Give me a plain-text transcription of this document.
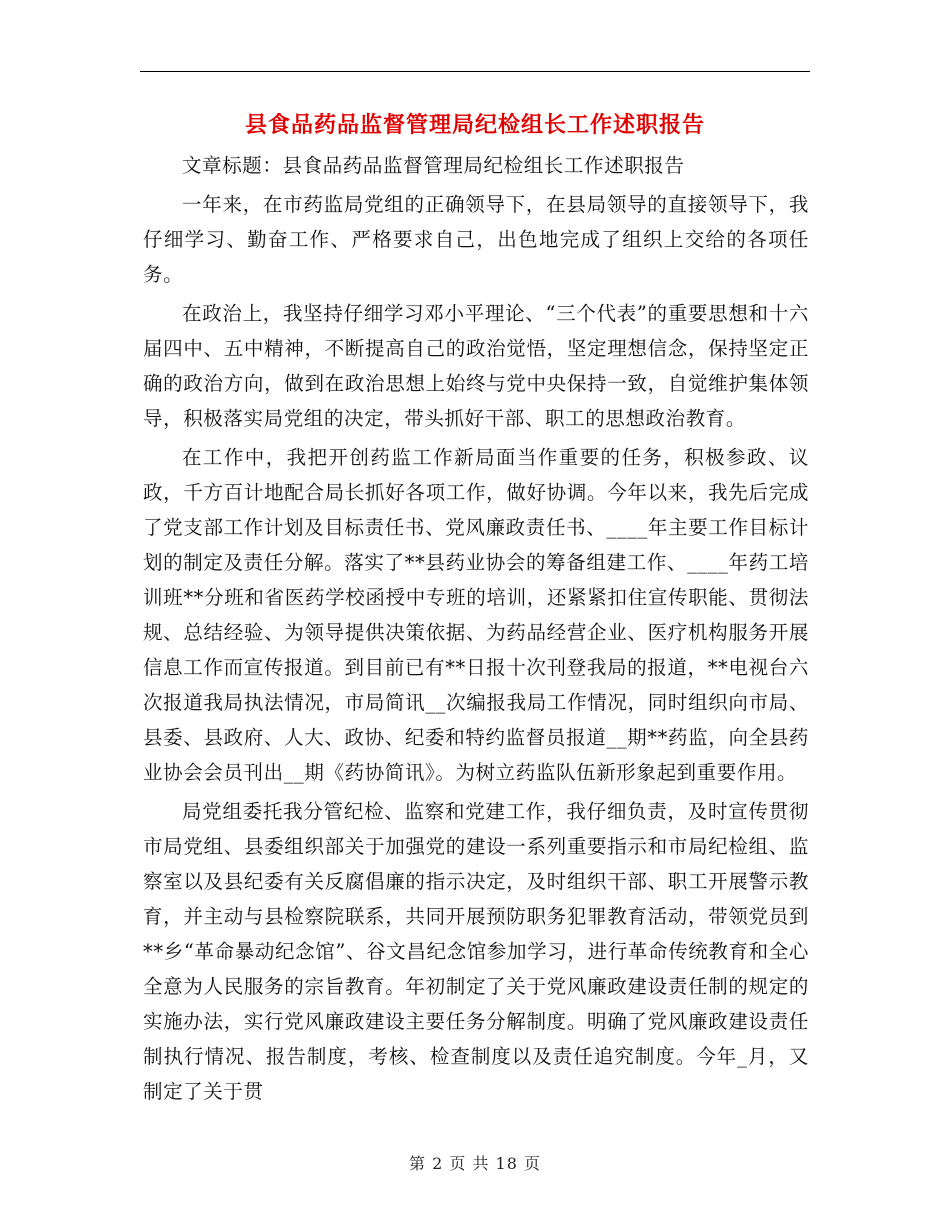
县食品药品监督管理局纪检组长工作述职报告

文章标题：县食品药品监督管理局纪检组长工作述职报告

一年来，在市药监局党组的正确领导下，在县局领导的直接领导下，我仔细学习、勤奋工作、严格要求自己，出色地完成了组织上交给的各项任务。

在政治上，我坚持仔细学习邓小平理论、“三个代表”的重要思想和十六届四中、五中精神，不断提高自己的政治觉悟，坚定理想信念，保持坚定正确的政治方向，做到在政治思想上始终与党中央保持一致，自觉维护集体领导，积极落实局党组的决定，带头抓好干部、职工的思想政治教育。

在工作中，我把开创药监工作新局面当作重要的任务，积极参政、议政，千方百计地配合局长抓好各项工作，做好协调。今年以来，我先后完成了党支部工作计划及目标责任书、党风廉政责任书、____年主要工作目标计划的制定及责任分解。落实了**县药业协会的筹备组建工作、____年药工培训班**分班和省医药学校函授中专班的培训，还紧紧扣住宣传职能、贯彻法规、总结经验、为领导提供决策依据、为药品经营企业、医疗机构服务开展信息工作而宣传报道。到目前已有**日报十次刊登我局的报道，**电视台六次报道我局执法情况，市局简讯__次编报我局工作情况，同时组织向市局、县委、县政府、人大、政协、纪委和特约监督员报道__期**药监，向全县药业协会会员刊出__期《药协简讯》。为树立药监队伍新形象起到重要作用。

局党组委托我分管纪检、监察和党建工作，我仔细负责，及时宣传贯彻市局党组、县委组织部关于加强党的建设一系列重要指示和市局纪检组、监察室以及县纪委有关反腐倡廉的指示决定，及时组织干部、职工开展警示教育，并主动与县检察院联系，共同开展预防职务犯罪教育活动，带领党员到**乡“革命暴动纪念馆”、谷文昌纪念馆参加学习，进行革命传统教育和全心全意为人民服务的宗旨教育。年初制定了关于党风廉政建设责任制的规定的实施办法，实行党风廉政建设主要任务分解制度。明确了党风廉政建设责任制执行情况、报告制度，考核、检查制度以及责任追究制度。今年_月，又制定了关于贯

第 2 页 共 18 页
